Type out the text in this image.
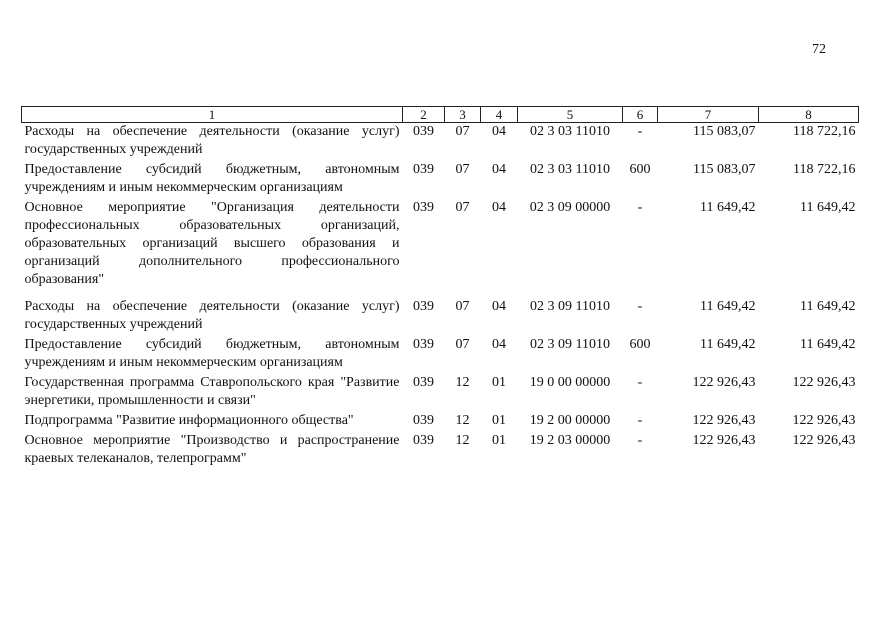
72
1	2	3	4	5	6	7	8
Расходы на обеспечение деятельности (оказание услуг) государственных учреждений	039	07	04	02 3 03 11010	-	115 083,07	118 722,16
Предоставление субсидий бюджетным, автономным учреждениям и иным некоммерческим организациям	039	07	04	02 3 03 11010	600	115 083,07	118 722,16
Основное мероприятие "Организация деятельности профессиональных образовательных организаций, образовательных организаций высшего образования и организаций дополнительного профессионального образования"	039	07	04	02 3 09 00000	-	11 649,42	11 649,42
Расходы на обеспечение деятельности (оказание услуг) государственных учреждений	039	07	04	02 3 09 11010	-	11 649,42	11 649,42
Предоставление субсидий бюджетным, автономным учреждениям и иным некоммерческим организациям	039	07	04	02 3 09 11010	600	11 649,42	11 649,42
Государственная программа Ставропольского края "Развитие энергетики, промышленности и связи"	039	12	01	19 0 00 00000	-	122 926,43	122 926,43
Подпрограмма "Развитие информационного общества"	039	12	01	19 2 00 00000	-	122 926,43	122 926,43
Основное мероприятие "Производство и распространение краевых телеканалов, телепрограмм"	039	12	01	19 2 03 00000	-	122 926,43	122 926,43
